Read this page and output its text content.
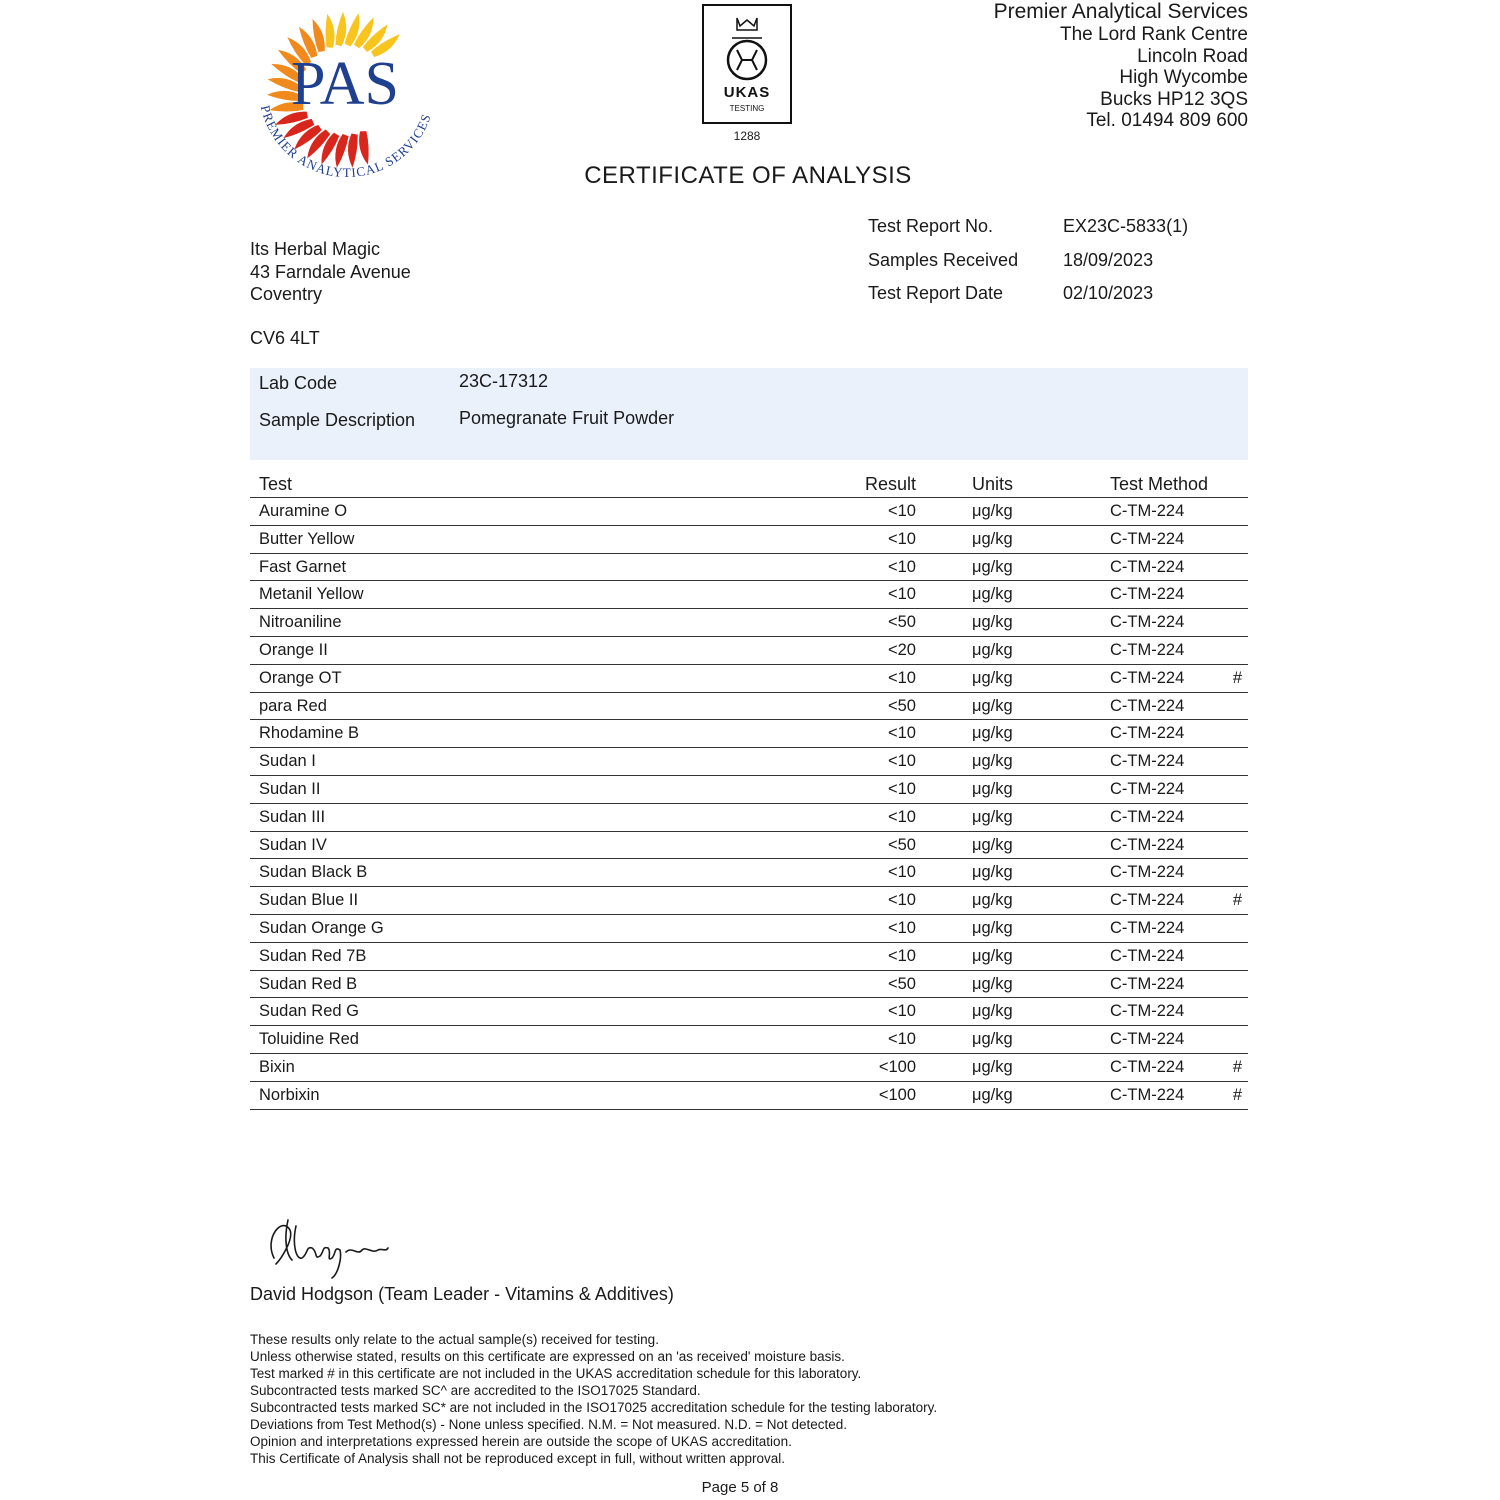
PAS
PREMIER ANALYTICAL SERVICES
UKAS
TESTING
1288
Premier Analytical Services
The Lord Rank Centre
Lincoln Road
High Wycombe
Bucks HP12 3QS
Tel. 01494 809 600
CERTIFICATE OF ANALYSIS
Its Herbal Magic
43 Farndale Avenue
Coventry
CV6 4LT
Test Report No.	EX23C-5833(1)
Samples Received 18/09/2023
Test Report Date	02/10/2023
Lab Code	23C-17312
Sample Description Pomegranate Fruit Powder
Test	Result	Units	Test Method
Auramine O	<10	μg/kg	C-TM-224
Butter Yellow	<10	μg/kg	C-TM-224
Fast Garnet	<10	μg/kg	C-TM-224
Metanil Yellow	<10	μg/kg	C-TM-224
Nitroaniline	<50	μg/kg	C-TM-224
Orange II	<20	μg/kg	C-TM-224
Orange OT	<10	μg/kg	C-TM-224	#
para Red	<50	μg/kg	C-TM-224
Rhodamine B	<10	μg/kg	C-TM-224
Sudan I	<10	μg/kg	C-TM-224
Sudan II	<10	μg/kg	C-TM-224
Sudan III	<10	μg/kg	C-TM-224
Sudan IV	<50	μg/kg	C-TM-224
Sudan Black B	<10	μg/kg	C-TM-224
Sudan Blue II	<10	μg/kg	C-TM-224	#
Sudan Orange G	<10	μg/kg	C-TM-224
Sudan Red 7B	<10	μg/kg	C-TM-224
Sudan Red B	<50	μg/kg	C-TM-224
Sudan Red G	<10	μg/kg	C-TM-224
Toluidine Red	<10	μg/kg	C-TM-224
Bixin	<100	μg/kg	C-TM-224	#
Norbixin	<100	μg/kg	C-TM-224	#
David Hodgson (Team Leader - Vitamins & Additives)
These results only relate to the actual sample(s) received for testing.
Unless otherwise stated, results on this certificate are expressed on an 'as received' moisture basis.
Test marked # in this certificate are not included in the UKAS accreditation schedule for this laboratory.
Subcontracted tests marked SC^ are accredited to the ISO17025 Standard.
Subcontracted tests marked SC* are not included in the ISO17025 accreditation schedule for the testing laboratory.
Deviations from Test Method(s) - None unless specified. N.M. = Not measured. N.D. = Not detected.
Opinion and interpretations expressed herein are outside the scope of UKAS accreditation.
This Certificate of Analysis shall not be reproduced except in full, without written approval.
Page 5 of 8
